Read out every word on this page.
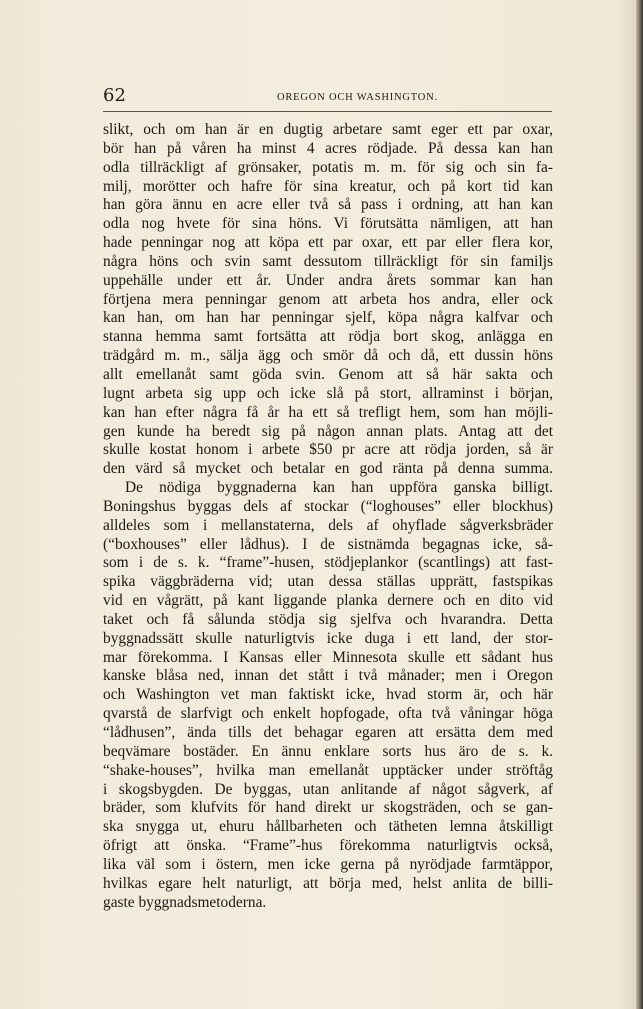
62	OREGON OCH WASHINGTON.
slikt, och om han är en dugtig arbetare samt eger ett par oxar,
bör han på våren ha minst 4 acres rödjade. På dessa kan han
odla tillräckligt af grönsaker, potatis m. m. för sig och sin fa-
milj, morötter och hafre för sina kreatur, och på kort tid kan
han göra ännu en acre eller två så pass i ordning, att han kan
odla nog hvete för sina höns. Vi förutsätta nämligen, att han
hade penningar nog att köpa ett par oxar, ett par eller flera kor,
några höns och svin samt dessutom tillräckligt för sin familjs
uppehälle under ett år. Under andra årets sommar kan han
förtjena mera penningar genom att arbeta hos andra, eller ock
kan han, om han har penningar sjelf, köpa några kalfvar och
stanna hemma samt fortsätta att rödja bort skog, anlägga en
trädgård m. m., sälja ägg och smör då och då, ett dussin höns
allt emellanåt samt göda svin. Genom att så här sakta och
lugnt arbeta sig upp och icke slå på stort, allraminst i början,
kan han efter några få år ha ett så trefligt hem, som han möjli-
gen kunde ha beredt sig på någon annan plats. Antag att det
skulle kostat honom i arbete $50 pr acre att rödja jorden, så är
den värd så mycket och betalar en god ränta på denna summa.
De nödiga byggnaderna kan han uppföra ganska billigt.
Boningshus byggas dels af stockar (“loghouses” eller blockhus)
alldeles som i mellanstaterna, dels af ohyflade sågverksbräder
(“boxhouses” eller lådhus). I de sistnämda begagnas icke, så-
som i de s. k. “frame”-husen, stödjeplankor (scantlings) att fast-
spika väggbräderna vid; utan dessa ställas upprätt, fastspikas
vid en vågrätt, på kant liggande planka dernere och en dito vid
taket och få sålunda stödja sig sjelfva och hvarandra. Detta
byggnadssätt skulle naturligtvis icke duga i ett land, der stor-
mar förekomma. I Kansas eller Minnesota skulle ett sådant hus
kanske blåsa ned, innan det stått i två månader; men i Oregon
och Washington vet man faktiskt icke, hvad storm är, och här
qvarstå de slarfvigt och enkelt hopfogade, ofta två våningar höga
“lådhusen”, ända tills det behagar egaren att ersätta dem med
beqvämare bostäder. En ännu enklare sorts hus äro de s. k.
“shake-houses”, hvilka man emellanåt upptäcker under ströftåg
i skogsbygden. De byggas, utan anlitande af något sågverk, af
bräder, som klufvits för hand direkt ur skogsträden, och se gan-
ska snygga ut, ehuru hållbarheten och tätheten lemna åtskilligt
öfrigt att önska. “Frame”-hus förekomma naturligtvis också,
lika väl som i östern, men icke gerna på nyrödjade farmtäppor,
hvilkas egare helt naturligt, att börja med, helst anlita de billi-
gaste byggnadsmetoderna.
